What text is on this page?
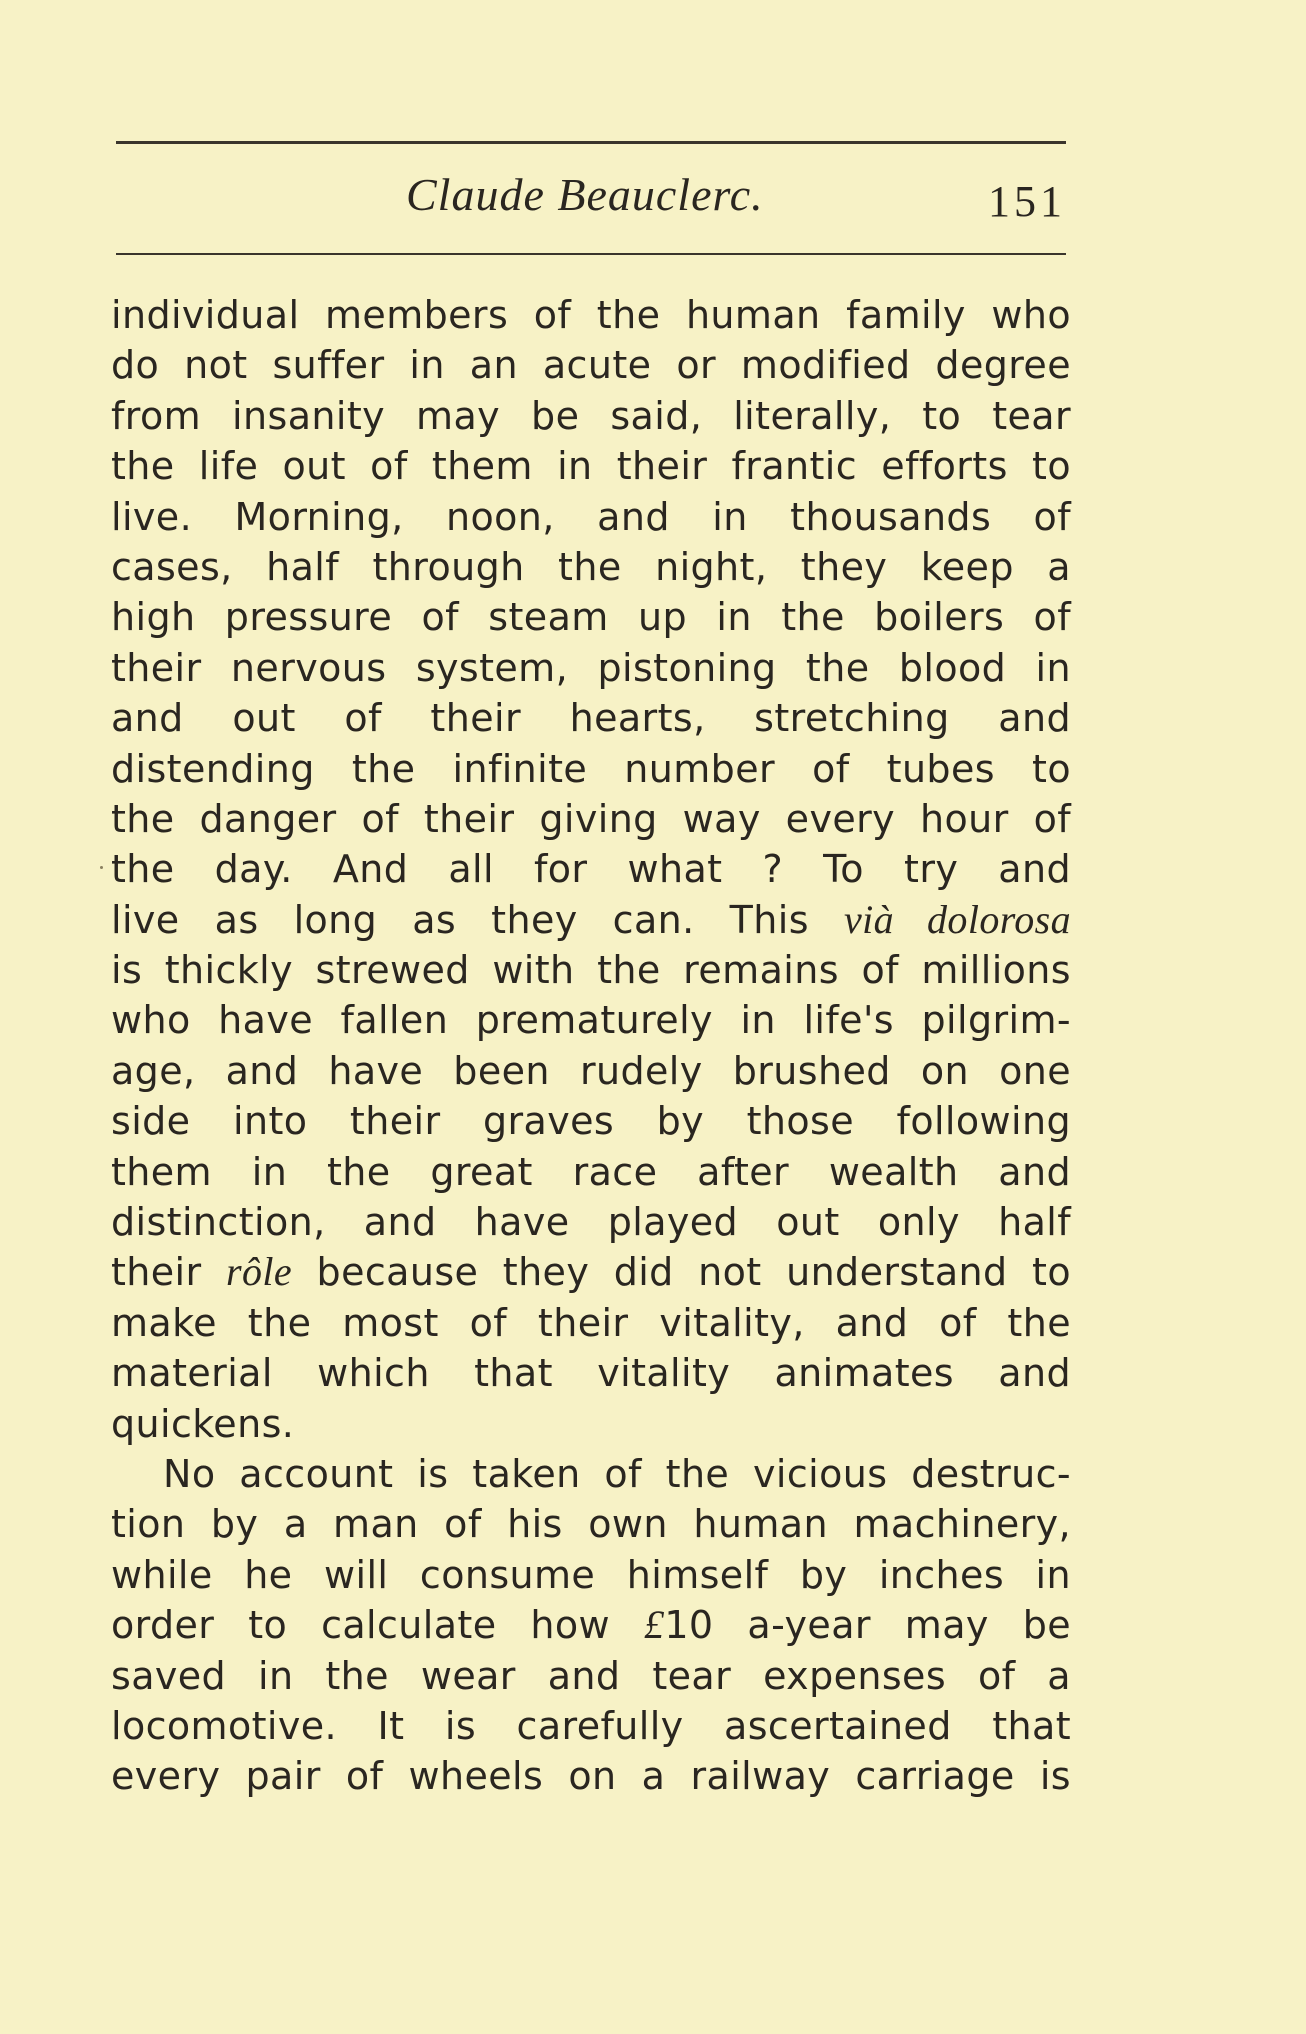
Claude Beauclerc.	151
individual members of the human family who
do not suffer in an acute or modified degree
from insanity may be said, literally, to tear
the life out of them in their frantic efforts to
live. Morning, noon, and in thousands of
cases, half through the night, they keep a
high pressure of steam up in the boilers of
their nervous system, pistoning the blood in
and out of their hearts, stretching and
distending the infinite number of tubes to
the danger of their giving way every hour of
the day. And all for what ? To try and
live as long as they can. This vià dolorosa
is thickly strewed with the remains of millions
who have fallen prematurely in life's pilgrim-
age, and have been rudely brushed on one
side into their graves by those following
them in the great race after wealth and
distinction, and have played out only half
their rôle because they did not understand to
make the most of their vitality, and of the
material which that vitality animates and
quickens.
No account is taken of the vicious destruc-
tion by a man of his own human machinery,
while he will consume himself by inches in
order to calculate how £10 a-year may be
saved in the wear and tear expenses of a
locomotive. It is carefully ascertained that
every pair of wheels on a railway carriage is
